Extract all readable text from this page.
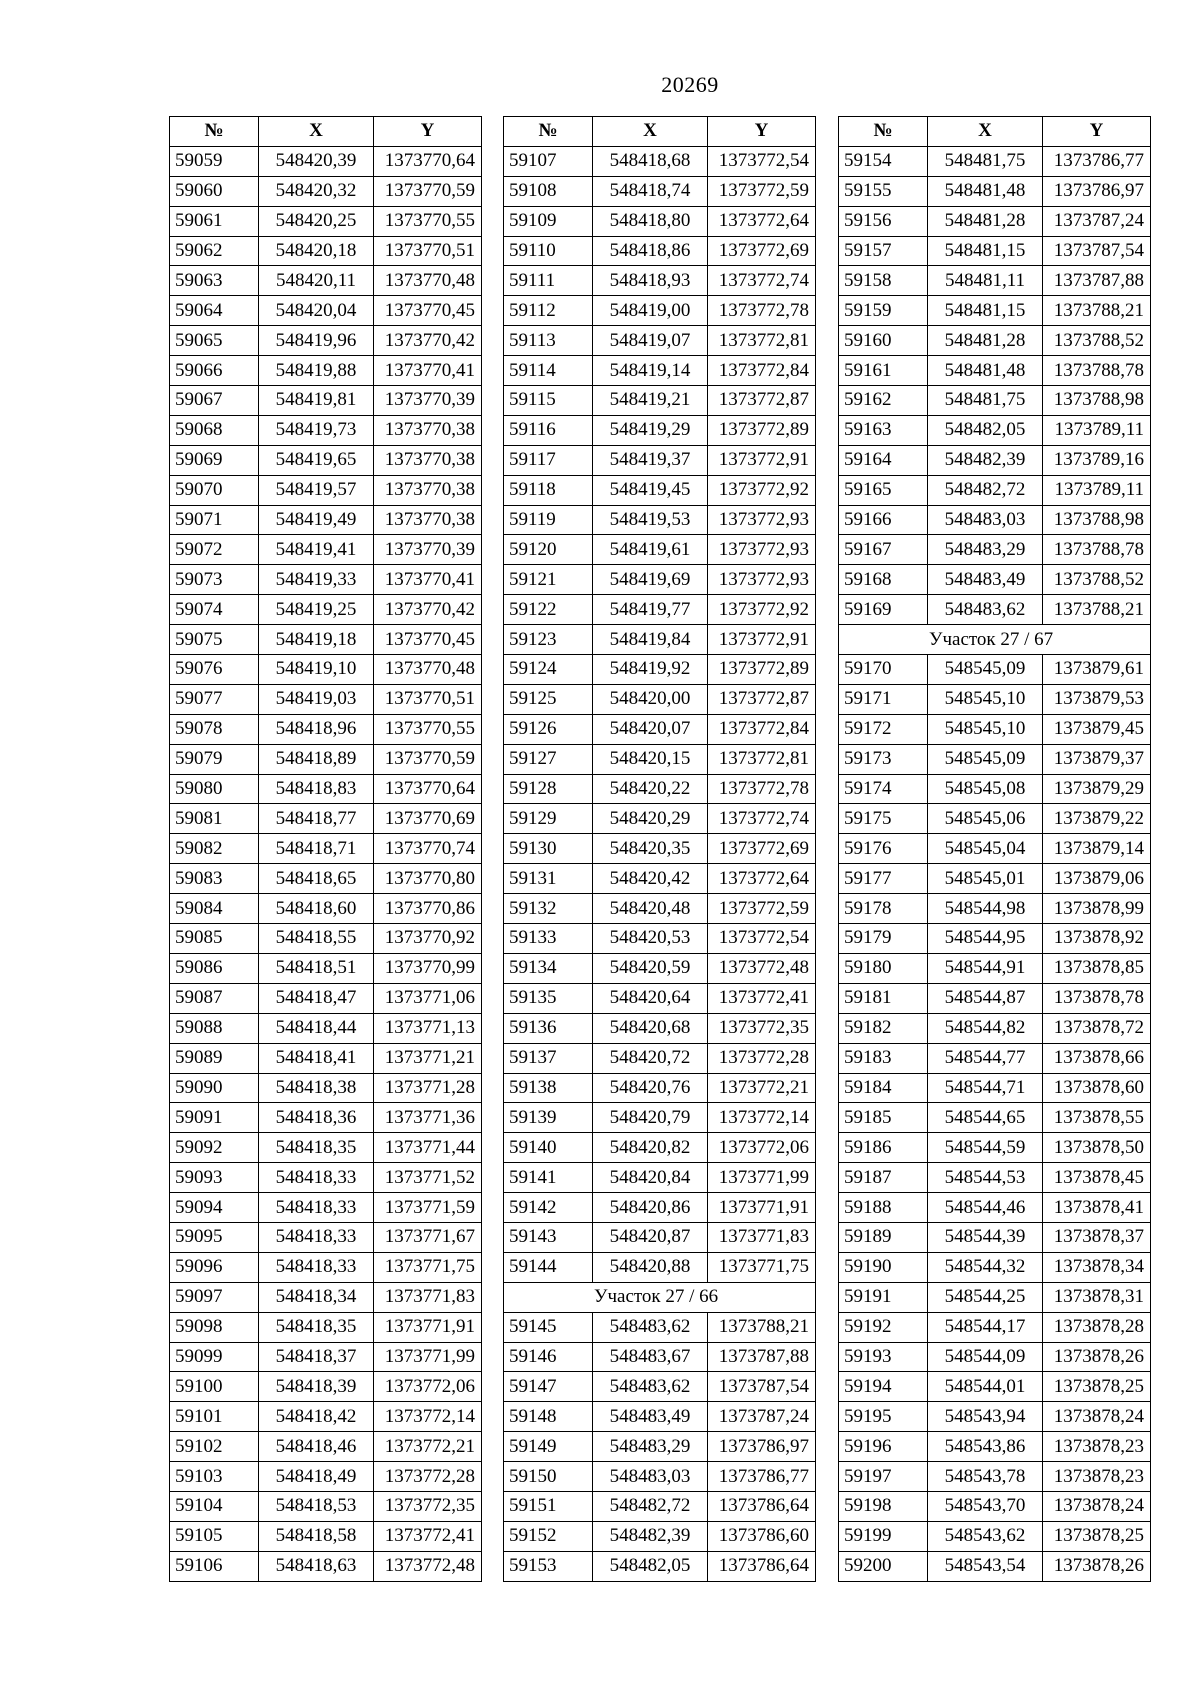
20269
№	X	Y
59059	548420,39	1373770,64
59060	548420,32	1373770,59
59061	548420,25	1373770,55
59062	548420,18	1373770,51
59063	548420,11	1373770,48
59064	548420,04	1373770,45
59065	548419,96	1373770,42
59066	548419,88	1373770,41
59067	548419,81	1373770,39
59068	548419,73	1373770,38
59069	548419,65	1373770,38
59070	548419,57	1373770,38
59071	548419,49	1373770,38
59072	548419,41	1373770,39
59073	548419,33	1373770,41
59074	548419,25	1373770,42
59075	548419,18	1373770,45
59076	548419,10	1373770,48
59077	548419,03	1373770,51
59078	548418,96	1373770,55
59079	548418,89	1373770,59
59080	548418,83	1373770,64
59081	548418,77	1373770,69
59082	548418,71	1373770,74
59083	548418,65	1373770,80
59084	548418,60	1373770,86
59085	548418,55	1373770,92
59086	548418,51	1373770,99
59087	548418,47	1373771,06
59088	548418,44	1373771,13
59089	548418,41	1373771,21
59090	548418,38	1373771,28
59091	548418,36	1373771,36
59092	548418,35	1373771,44
59093	548418,33	1373771,52
59094	548418,33	1373771,59
59095	548418,33	1373771,67
59096	548418,33	1373771,75
59097	548418,34	1373771,83
59098	548418,35	1373771,91
59099	548418,37	1373771,99
59100	548418,39	1373772,06
59101	548418,42	1373772,14
59102	548418,46	1373772,21
59103	548418,49	1373772,28
59104	548418,53	1373772,35
59105	548418,58	1373772,41
59106	548418,63	1373772,48
№	X	Y
59107	548418,68	1373772,54
59108	548418,74	1373772,59
59109	548418,80	1373772,64
59110	548418,86	1373772,69
59111	548418,93	1373772,74
59112	548419,00	1373772,78
59113	548419,07	1373772,81
59114	548419,14	1373772,84
59115	548419,21	1373772,87
59116	548419,29	1373772,89
59117	548419,37	1373772,91
59118	548419,45	1373772,92
59119	548419,53	1373772,93
59120	548419,61	1373772,93
59121	548419,69	1373772,93
59122	548419,77	1373772,92
59123	548419,84	1373772,91
59124	548419,92	1373772,89
59125	548420,00	1373772,87
59126	548420,07	1373772,84
59127	548420,15	1373772,81
59128	548420,22	1373772,78
59129	548420,29	1373772,74
59130	548420,35	1373772,69
59131	548420,42	1373772,64
59132	548420,48	1373772,59
59133	548420,53	1373772,54
59134	548420,59	1373772,48
59135	548420,64	1373772,41
59136	548420,68	1373772,35
59137	548420,72	1373772,28
59138	548420,76	1373772,21
59139	548420,79	1373772,14
59140	548420,82	1373772,06
59141	548420,84	1373771,99
59142	548420,86	1373771,91
59143	548420,87	1373771,83
59144	548420,88	1373771,75
Участок 27 / 66		
59145	548483,62	1373788,21
59146	548483,67	1373787,88
59147	548483,62	1373787,54
59148	548483,49	1373787,24
59149	548483,29	1373786,97
59150	548483,03	1373786,77
59151	548482,72	1373786,64
59152	548482,39	1373786,60
59153	548482,05	1373786,64
№	X	Y
59154	548481,75	1373786,77
59155	548481,48	1373786,97
59156	548481,28	1373787,24
59157	548481,15	1373787,54
59158	548481,11	1373787,88
59159	548481,15	1373788,21
59160	548481,28	1373788,52
59161	548481,48	1373788,78
59162	548481,75	1373788,98
59163	548482,05	1373789,11
59164	548482,39	1373789,16
59165	548482,72	1373789,11
59166	548483,03	1373788,98
59167	548483,29	1373788,78
59168	548483,49	1373788,52
59169	548483,62	1373788,21
Участок 27 / 67		
59170	548545,09	1373879,61
59171	548545,10	1373879,53
59172	548545,10	1373879,45
59173	548545,09	1373879,37
59174	548545,08	1373879,29
59175	548545,06	1373879,22
59176	548545,04	1373879,14
59177	548545,01	1373879,06
59178	548544,98	1373878,99
59179	548544,95	1373878,92
59180	548544,91	1373878,85
59181	548544,87	1373878,78
59182	548544,82	1373878,72
59183	548544,77	1373878,66
59184	548544,71	1373878,60
59185	548544,65	1373878,55
59186	548544,59	1373878,50
59187	548544,53	1373878,45
59188	548544,46	1373878,41
59189	548544,39	1373878,37
59190	548544,32	1373878,34
59191	548544,25	1373878,31
59192	548544,17	1373878,28
59193	548544,09	1373878,26
59194	548544,01	1373878,25
59195	548543,94	1373878,24
59196	548543,86	1373878,23
59197	548543,78	1373878,23
59198	548543,70	1373878,24
59199	548543,62	1373878,25
59200	548543,54	1373878,26
